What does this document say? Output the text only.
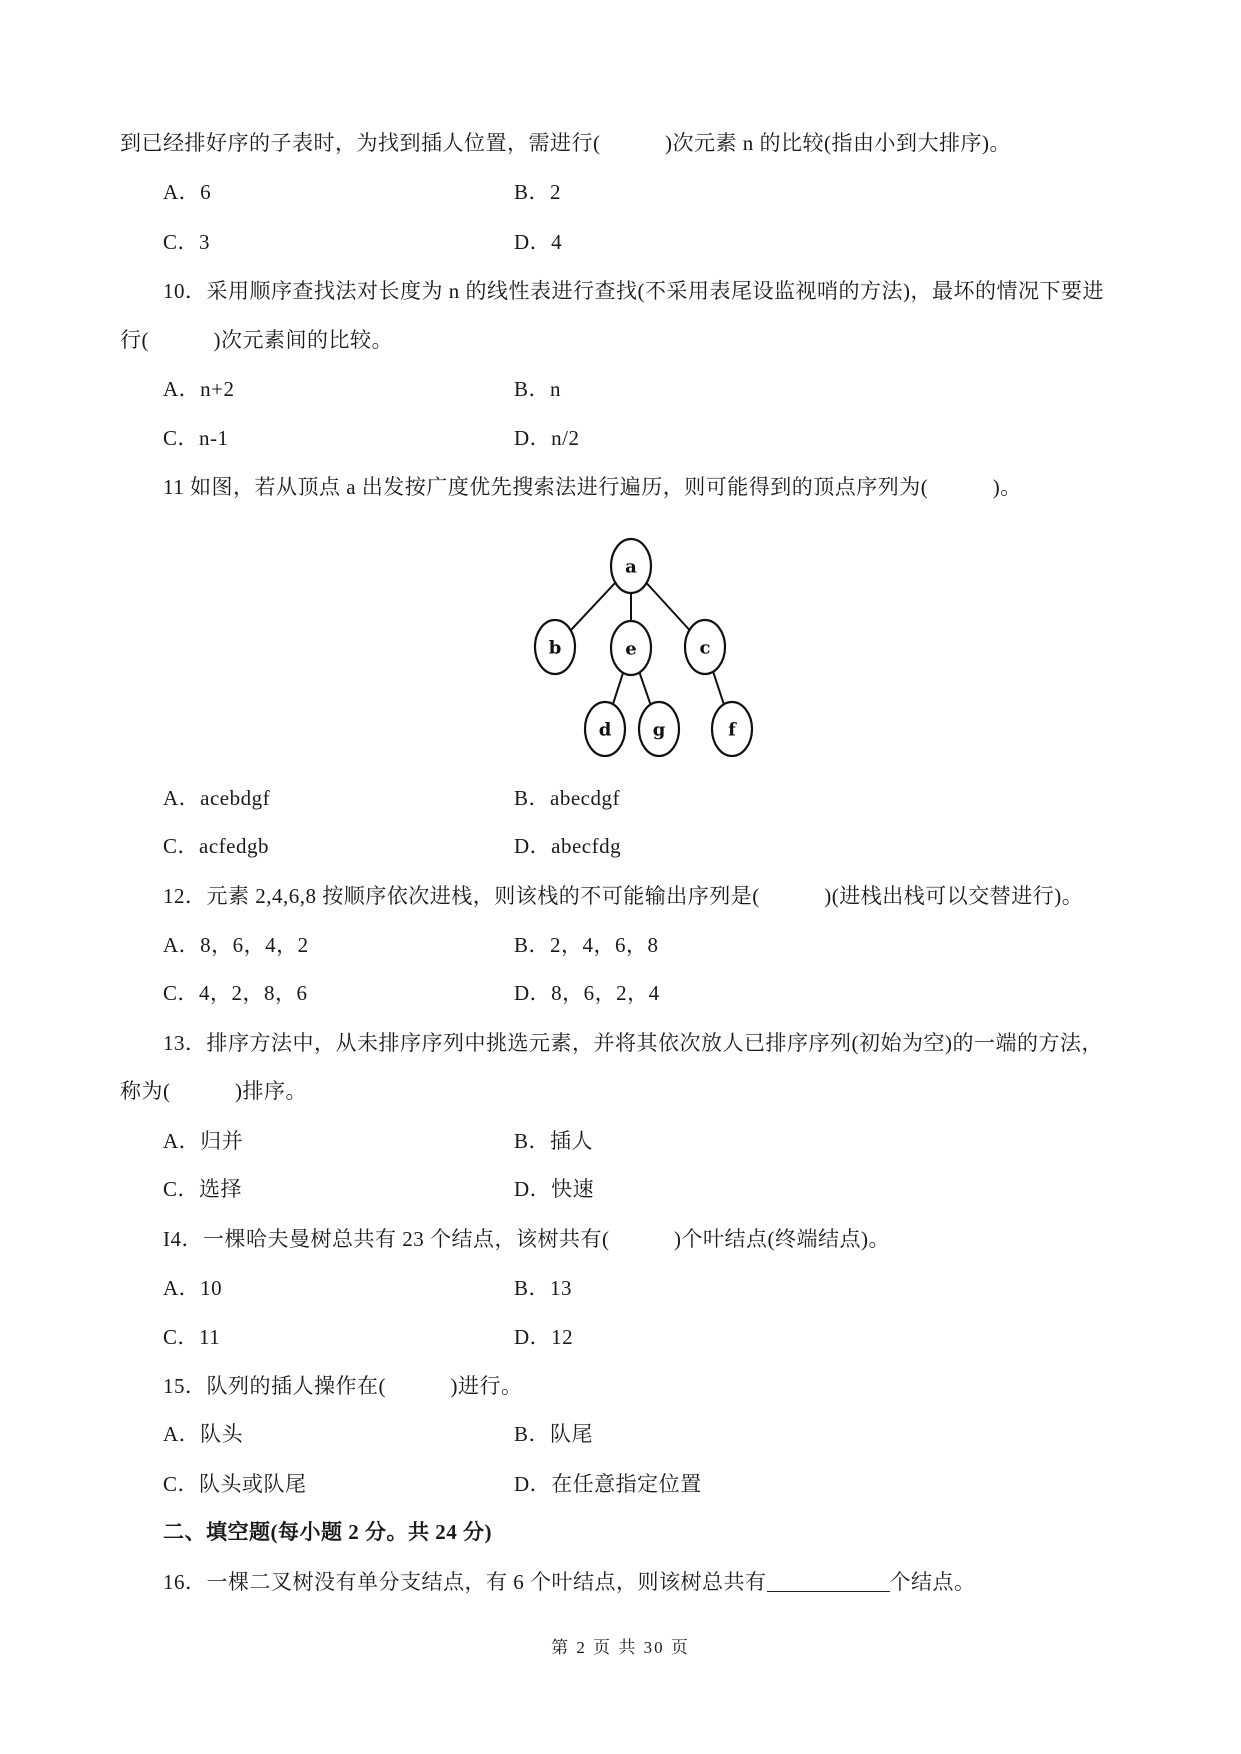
到已经排好序的子表时，为找到插人位置，需进行(　　　)次元素 n 的比较(指由小到大排序)。
A．6	B．2
C．3	D．4
10．采用顺序查找法对长度为 n 的线性表进行查找(不采用表尾设监视哨的方法)，最坏的情况下要进
行(　　　)次元素间的比较。
A．n+2	B．n
C．n-1	D．n/2
11 如图，若从顶点 a 出发按广度优先搜索法进行遍历，则可能得到的顶点序列为(　　　)。
a
b	e	c
d g	f
A．acebdgf	B．abecdgf
C．acfedgb	D．abecfdg
12．元素 2,4,6,8 按顺序依次进栈，则该栈的不可能输出序列是(　　　)(进栈出栈可以交替进行)。
A．8，6，4，2	B．2，4，6，8
C．4，2，8，6	D．8，6，2，4
13．排序方法中，从未排序序列中挑选元素，并将其依次放人已排序序列(初始为空)的一端的方法，
称为(　　　)排序。
A．归并	B．插人
C．选择	D．快速
I4．一棵哈夫曼树总共有 23 个结点，该树共有(　　　)个叶结点(终端结点)。
A．10	B．13
C．11	D．12
15．队列的插人操作在(　　　)进行。
A．队头	B．队尾
C．队头或队尾	D．在任意指定位置
二、填空题(每小题 2 分。共 24 分)
16．一棵二叉树没有单分支结点，有 6 个叶结点，则该树总共有	个结点。
第 2 页 共 30 页
